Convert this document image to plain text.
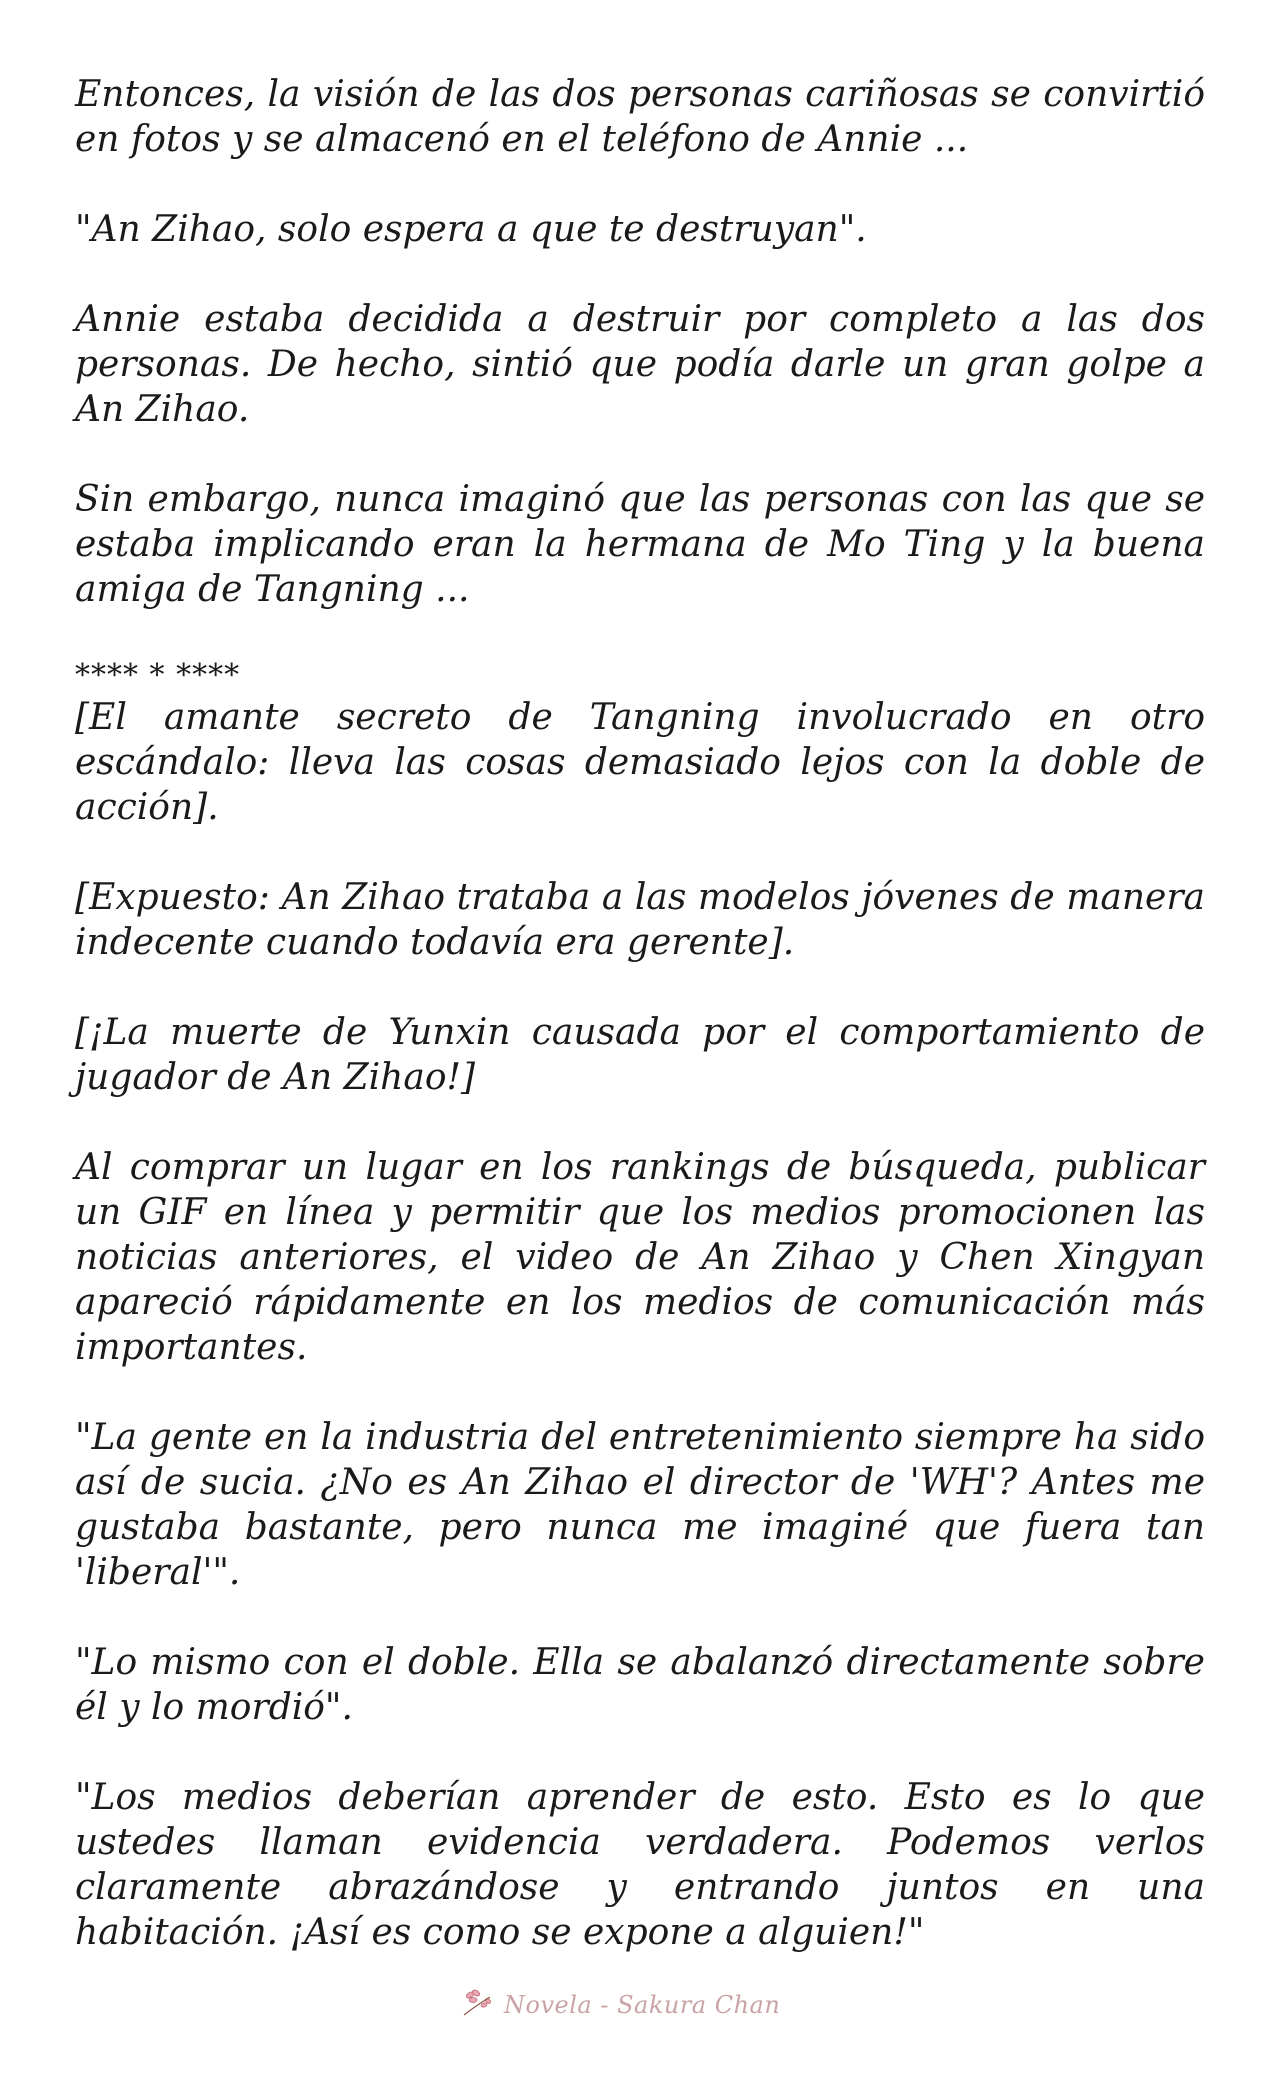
Entonces, la visión de las dos personas cariñosas se convirtió en fotos y se almacenó en el teléfono de Annie ...

"An Zihao, solo espera a que te destruyan".

Annie estaba decidida a destruir por completo a las dos personas. De hecho, sintió que podía darle un gran golpe a An Zihao.

Sin embargo, nunca imaginó que las personas con las que se estaba implicando eran la hermana de Mo Ting y la buena amiga de Tangning ...

**** * ****

[El amante secreto de Tangning involucrado en otro escándalo: lleva las cosas demasiado lejos con la doble de acción].

[Expuesto: An Zihao trataba a las modelos jóvenes de manera indecente cuando todavía era gerente].

[¡La muerte de Yunxin causada por el comportamiento de jugador de An Zihao!]

Al comprar un lugar en los rankings de búsqueda, publicar un GIF en línea y permitir que los medios promocionen las noticias anteriores, el video de An Zihao y Chen Xingyan apareció rápidamente en los medios de comunicación más importantes.

"La gente en la industria del entretenimiento siempre ha sido así de sucia. ¿No es An Zihao el director de 'WH'? Antes me gustaba bastante, pero nunca me imaginé que fuera tan 'liberal'".

"Lo mismo con el doble. Ella se abalanzó directamente sobre él y lo mordió".

"Los medios deberían aprender de esto. Esto es lo que ustedes llaman evidencia verdadera. Podemos verlos claramente abrazándose y entrando juntos en una habitación. ¡Así es como se expone a alguien!"

Novela - Sakura Chan
